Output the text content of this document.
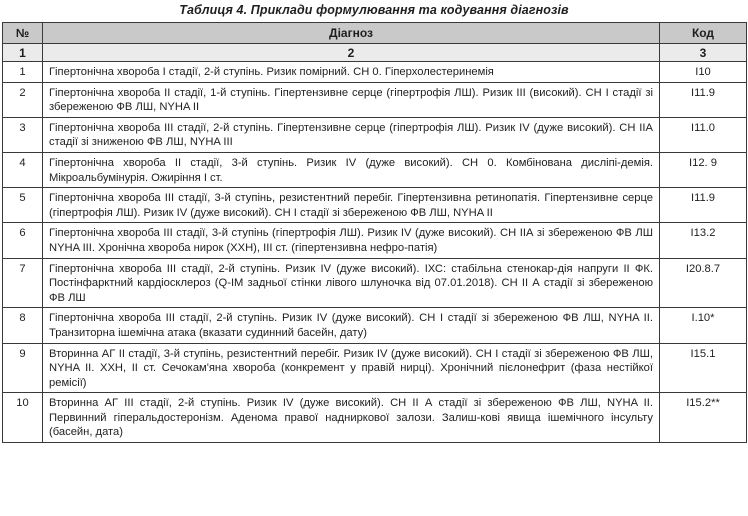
Таблиця 4. Приклади формулювання та кодування діагнозів
№	Діагноз	Код
1	2	3
1	Гіпертонічна хвороба І стадії, 2-й ступінь. Ризик помірний. СН 0. Гіперхолестеринемія	І10
2	Гіпертонічна хвороба ІІ стадії, 1-й ступінь. Гіпертензивне серце (гіпертрофія ЛШ). Ризик ІІІ (високий). СН І стадії зі збереженою ФВ ЛШ, NYHA ІІ	І11.9
3	Гіпертонічна хвороба ІІІ стадії, 2-й ступінь. Гіпертензивне серце (гіпертрофія ЛШ). Ризик IV (дуже високий). СН ІІА стадії зі зниженою ФВ ЛШ, NYHA ІІІ	І11.0
4	Гіпертонічна хвороба ІІ стадії, 3-й ступінь. Ризик IV (дуже високий). СН 0. Комбінована дисліпі-демія. Мікроальбумінурія. Ожиріння І ст.	І12. 9
5	Гіпертонічна хвороба ІІІ стадії, 3-й ступінь, резистентний перебіг. Гіпертензивна ретинопатія. Гіпертензивне серце (гіпертрофія ЛШ). Ризик IV (дуже високий). СН І стадії зі збереженою ФВ ЛШ, NYHA ІІ	І11.9
6	Гіпертонічна хвороба ІІІ стадії, 3-й ступінь (гіпертрофія ЛШ). Ризик IV (дуже високий). СН ІІА зі збереженою ФВ ЛШ NYHA ІІІ. Хронічна хвороба нирок (ХХН), ІІІ ст. (гіпертензивна нефро-патія)	І13.2
7	Гіпертонічна хвороба ІІІ стадії, 2-й ступінь. Ризик IV (дуже високий). ІХС: стабільна стенокар-дія напруги ІІ ФК. Постінфарктний кардіосклероз (Q-ІМ задньої стінки лівого шлуночка від 07.01.2018). СН ІІ А стадії зі збереженою ФВ ЛШ	І20.8.7
8	Гіпертонічна хвороба ІІІ стадії, 2-й ступінь. Ризик IV (дуже високий). СН І стадії зі збереженою ФВ ЛШ, NYHA ІІ. Транзиторна ішемічна атака (вказати судинний басейн, дату)	І.10*
9	Вторинна АГ ІІ стадії, 3-й ступінь, резистентний перебіг. Ризик IV (дуже високий). СН І стадії зі збереженою ФВ ЛШ, NYHA ІІ. ХХН, ІІ ст. Сечокам'яна хвороба (конкремент у правій нирці). Хронічний пієлонефрит (фаза нестійкої ремісії)	І15.1
10	Вторинна АГ ІІІ стадії, 2-й ступінь. Ризик IV (дуже високий). СН ІІ А стадії зі збереженою ФВ ЛШ, NYHA ІІ. Первинний гіперальдостеронізм. Аденома правої надниркової залози. Залиш-кові явища ішемічного інсульту (басейн, дата)	І15.2**
